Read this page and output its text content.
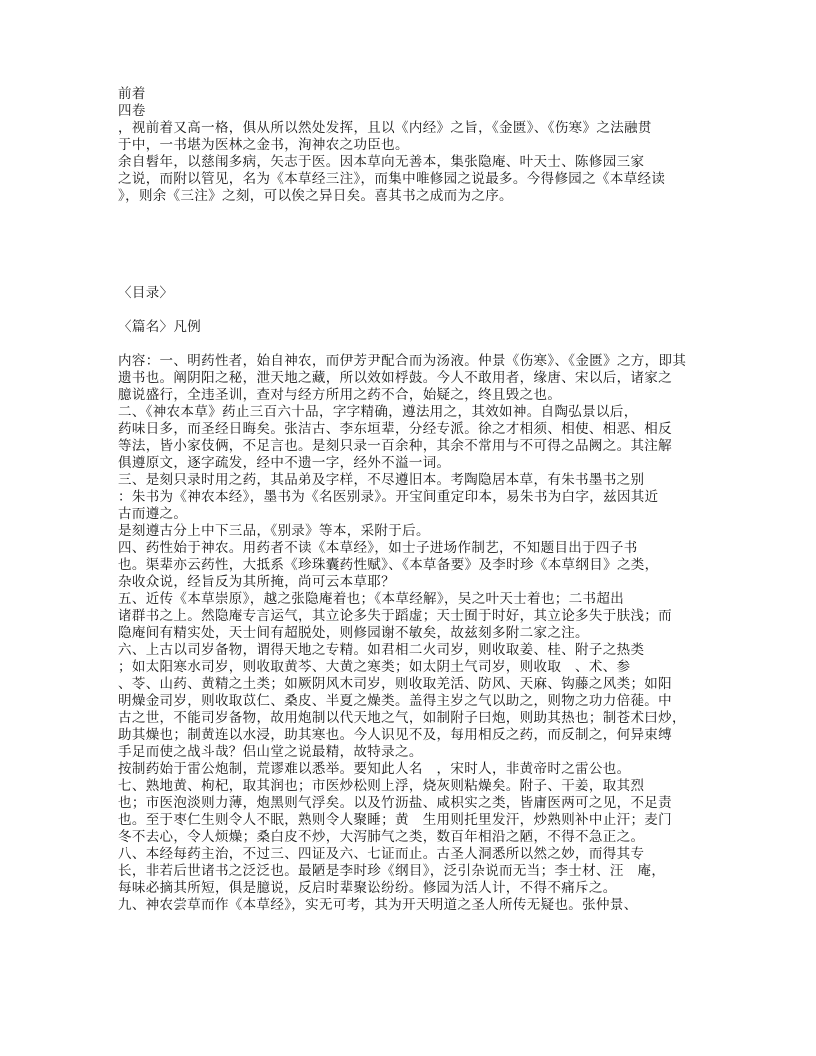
前着
四卷
，视前着又高一格，俱从所以然处发挥，且以《内经》之旨，《金匮》、《伤寒》之法融贯
于中，一书堪为医林之金书，洵神农之功臣也。
余自髫年，以慈闱多病，矢志于医。因本草向无善本，集张隐庵、叶天士、陈修园三家
之说，而附以管见，名为《本草经三注》，而集中唯修园之说最多。今得修园之《本草经读
》，则余《三注》之刻，可以俟之异日矣。喜其书之成而为之序。
〈目录〉
〈篇名〉凡例
内容：一、明药性者，始自神农，而伊芳尹配合而为汤液。仲景《伤寒》、《金匮》之方，即其
遗书也。阐阴阳之秘，泄天地之藏，所以效如桴鼓。今人不敢用者，缘唐、宋以后，诸家之
臆说盛行，全违圣训，查对与经方所用之药不合，始疑之，终且毁之也。
二、《神农本草》药止三百六十品，字字精确，遵法用之，其效如神。自陶弘景以后，
药味日多，而圣经日晦矣。张洁古、李东垣辈，分经专派。徐之才相须、相使、相恶、相反
等法，皆小家伎俩，不足言也。是刻只录一百余种，其余不常用与不可得之品阙之。其注解
俱遵原文，逐字疏发，经中不遗一字，经外不溢一词。
三、是刻只录时用之药，其品弟及字样，不尽遵旧本。考陶隐居本草，有朱书墨书之别
：朱书为《神农本经》，墨书为《名医别录》。开宝间重定印本，易朱书为白字，兹因其近
古而遵之。
是刻遵古分上中下三品，《别录》等本，采附于后。
四、药性始于神农。用药者不读《本草经》，如士子进场作制艺，不知题目出于四子书
也。渠辈亦云药性，大抵系《珍珠囊药性赋》、《本草备要》及李时珍《本草纲目》之类，
杂收众说，经旨反为其所掩，尚可云本草耶？
五、近传《本草崇原》，越之张隐庵着也；《本草经解》，吴之叶天士着也；二书超出
诸群书之上。然隐庵专言运气，其立论多失于蹈虚；天士囿于时好，其立论多失于肤浅；而
隐庵间有精实处，天士间有超脱处，则修园谢不敏矣，故兹刻多附二家之注。
六、上古以司岁备物，谓得天地之专精。如君相二火司岁，则收取姜、桂、附子之热类
；如太阳寒水司岁，则收取黄芩、大黄之寒类；如太阴土气司岁，则收取　、术、参
、苓、山药、黄精之土类；如厥阴风木司岁，则收取羌活、防风、天麻、钩藤之风类；如阳
明燥金司岁，则收取苡仁、桑皮、半夏之燥类。盖得主岁之气以助之，则物之功力倍蓰。中
古之世，不能司岁备物，故用炮制以代天地之气，如制附子曰炮，则助其热也；制苍术曰炒，
助其燥也；制黄连以水浸，助其寒也。今人识见不及，每用相反之药，而反制之，何异束缚
手足而使之战斗哉？侣山堂之说最精，故特录之。
按制药始于雷公炮制，荒谬难以悉举。要知此人名　，宋时人，非黄帝时之雷公也。
七、熟地黄、枸杞，取其润也；市医炒松则上浮，烧灰则粘燥矣。附子、干姜，取其烈
也；市医泡淡则力薄，炮黑则气浮矣。以及竹沥盐、咸枳实之类，皆庸医两可之见，不足责
也。至于枣仁生则令人不眠，熟则令人聚睡；黄　生用则托里发汗，炒熟则补中止汗；麦门
冬不去心，令人烦燥；桑白皮不炒，大泻肺气之类，数百年相沿之陋，不得不急正之。
八、本经每药主治，不过三、四证及六、七证而止。古圣人洞悉所以然之妙，而得其专
长，非若后世诸书之泛泛也。最陋是李时珍《纲目》，泛引杂说而无当；李士材、汪　庵，
每味必摘其所短，俱是臆说，反启时辈聚讼纷纷。修园为活人计，不得不痛斥之。
九、神农尝草而作《本草经》，实无可考，其为开天明道之圣人所传无疑也。张仲景、
